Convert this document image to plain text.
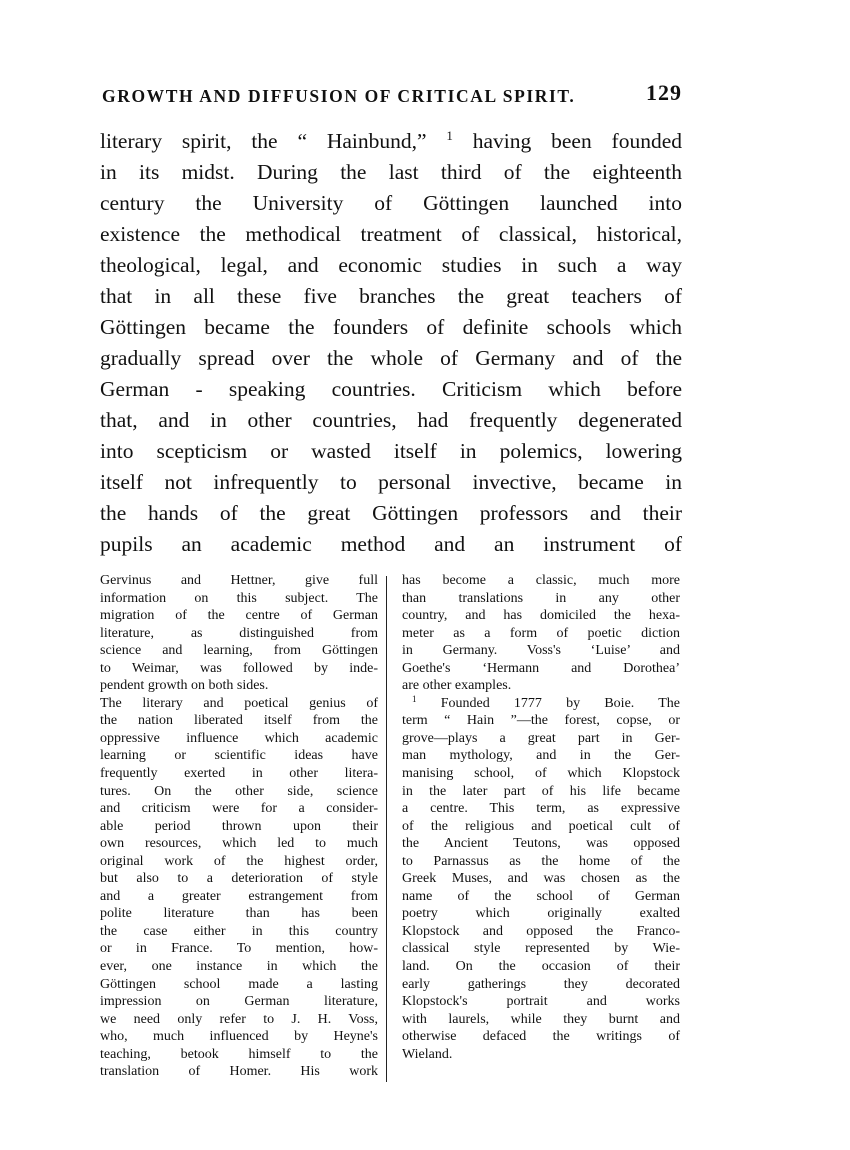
GROWTH AND DIFFUSION OF CRITICAL SPIRIT.	129
literary spirit, the “ Hainbund,” $^1$ having been founded
in its midst. During the last third of the eighteenth
century the University of Göttingen launched into
existence the methodical treatment of classical, historical,
theological, legal, and economic studies in such a way
that in all these five branches the great teachers of
Göttingen became the founders of definite schools which
gradually spread over the whole of Germany and of the
German - speaking countries. Criticism which before
that, and in other countries, had frequently degenerated
into scepticism or wasted itself in polemics, lowering
itself not infrequently to personal invective, became in
the hands of the great Göttingen professors and their
pupils an academic method and an instrument of
Gervinus and Hettner, give full
information on this subject. The
migration of the centre of German
literature, as distinguished from
science and learning, from Göttingen
to Weimar, was followed by inde-
pendent growth on both sides.
The literary and poetical genius of
the nation liberated itself from the
oppressive influence which academic
learning or scientific ideas have
frequently exerted in other litera-
tures. On the other side, science
and criticism were for a consider-
able period thrown upon their
own resources, which led to much
original work of the highest order,
but also to a deterioration of style
and a greater estrangement from
polite literature than has been
the case either in this country
or in France. To mention, how-
ever, one instance in which the
Göttingen school made a lasting
impression on German literature,
we need only refer to J. H. Voss,
who, much influenced by Heyne's
teaching, betook himself to the
translation of Homer. His work
has become a classic, much more
than translations in any other
country, and has domiciled the hexa-
meter as a form of poetic diction
in Germany. Voss's ‘Luise’ and
Goethe's ‘Hermann and Dorothea’
are other examples.
$^1$ Founded 1777 by Boie. The
term “ Hain ”—the forest, copse, or
grove—plays a great part in Ger-
man mythology, and in the Ger-
manising school, of which Klopstock
in the later part of his life became
a centre. This term, as expressive
of the religious and poetical cult of
the Ancient Teutons, was opposed
to Parnassus as the home of the
Greek Muses, and was chosen as the
name of the school of German
poetry which originally exalted
Klopstock and opposed the Franco-
classical style represented by Wie-
land. On the occasion of their
early gatherings they decorated
Klopstock's portrait and works
with laurels, while they burnt and
otherwise defaced the writings of
Wieland.
